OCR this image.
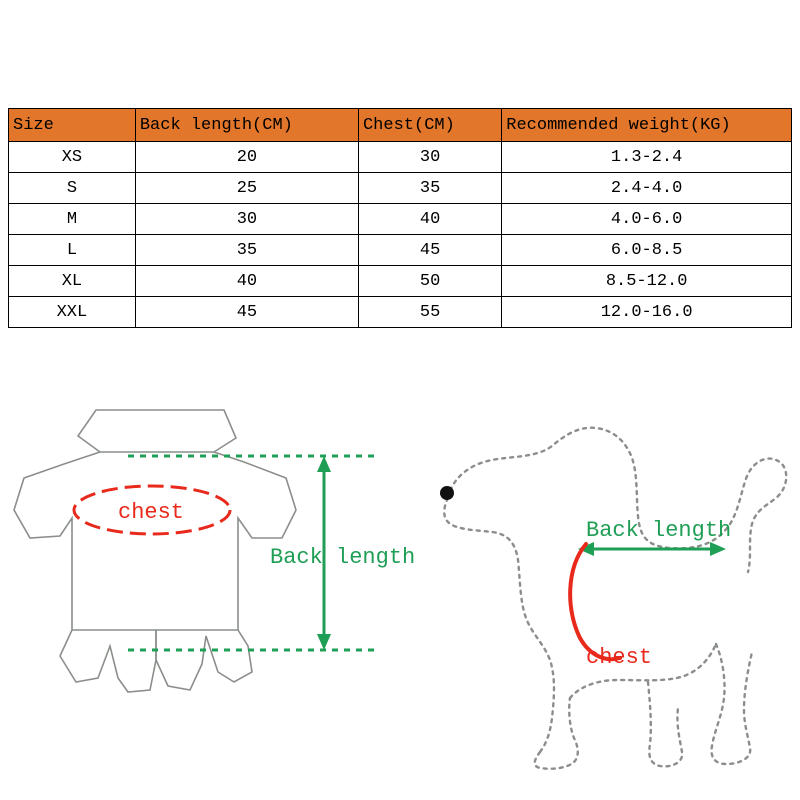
Size	Back length(CM)	Chest(CM)	Recommended weight(KG)
XS	20	30	1.3-2.4
S	25	35	2.4-4.0
M	30	40	4.0-6.0
L	35	45	6.0-8.5
XL	40	50	8.5-12.0
XXL	45	55	12.0-16.0
chest
Back length
Back length
chest
